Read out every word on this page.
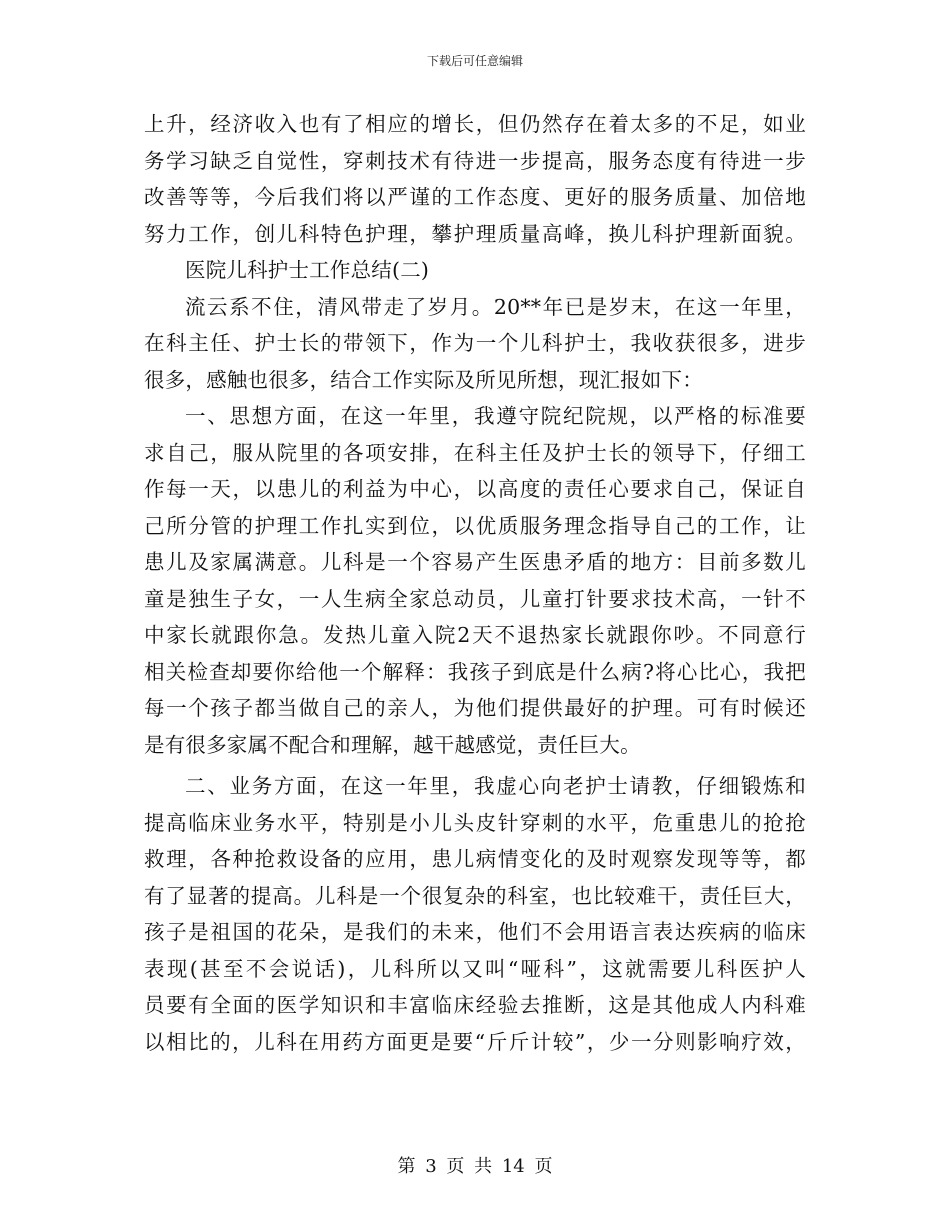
下载后可任意编辑
上升，经济收入也有了相应的增长，但仍然存在着太多的不足，如业
务学习缺乏自觉性，穿刺技术有待进一步提高，服务态度有待进一步
改善等等，今后我们将以严谨的工作态度、更好的服务质量、加倍地
努力工作，创儿科特色护理，攀护理质量高峰，换儿科护理新面貌。
医院儿科护士工作总结(二)
流云系不住，清风带走了岁月。20**年已是岁末，在这一年里，
在科主任、护士长的带领下，作为一个儿科护士，我收获很多，进步
很多，感触也很多，结合工作实际及所见所想，现汇报如下：
一、思想方面，在这一年里，我遵守院纪院规，以严格的标准要
求自己，服从院里的各项安排，在科主任及护士长的领导下，仔细工
作每一天，以患儿的利益为中心，以高度的责任心要求自己，保证自
己所分管的护理工作扎实到位，以优质服务理念指导自己的工作，让
患儿及家属满意。儿科是一个容易产生医患矛盾的地方：目前多数儿
童是独生子女，一人生病全家总动员，儿童打针要求技术高，一针不
中家长就跟你急。发热儿童入院2天不退热家长就跟你吵。不同意行
相关检查却要你给他一个解释：我孩子到底是什么病?将心比心，我把
每一个孩子都当做自己的亲人，为他们提供最好的护理。可有时候还
是有很多家属不配合和理解，越干越感觉，责任巨大。
二、业务方面，在这一年里，我虚心向老护士请教，仔细锻炼和
提高临床业务水平，特别是小儿头皮针穿刺的水平，危重患儿的抢抢
救理，各种抢救设备的应用，患儿病情变化的及时观察发现等等，都
有了显著的提高。儿科是一个很复杂的科室，也比较难干，责任巨大，
孩子是祖国的花朵，是我们的未来，他们不会用语言表达疾病的临床
表现(甚至不会说话)，儿科所以又叫“哑科”，这就需要儿科医护人
员要有全面的医学知识和丰富临床经验去推断，这是其他成人内科难
以相比的，儿科在用药方面更是要“斤斤计较”，少一分则影响疗效，
第 3 页 共 14 页
